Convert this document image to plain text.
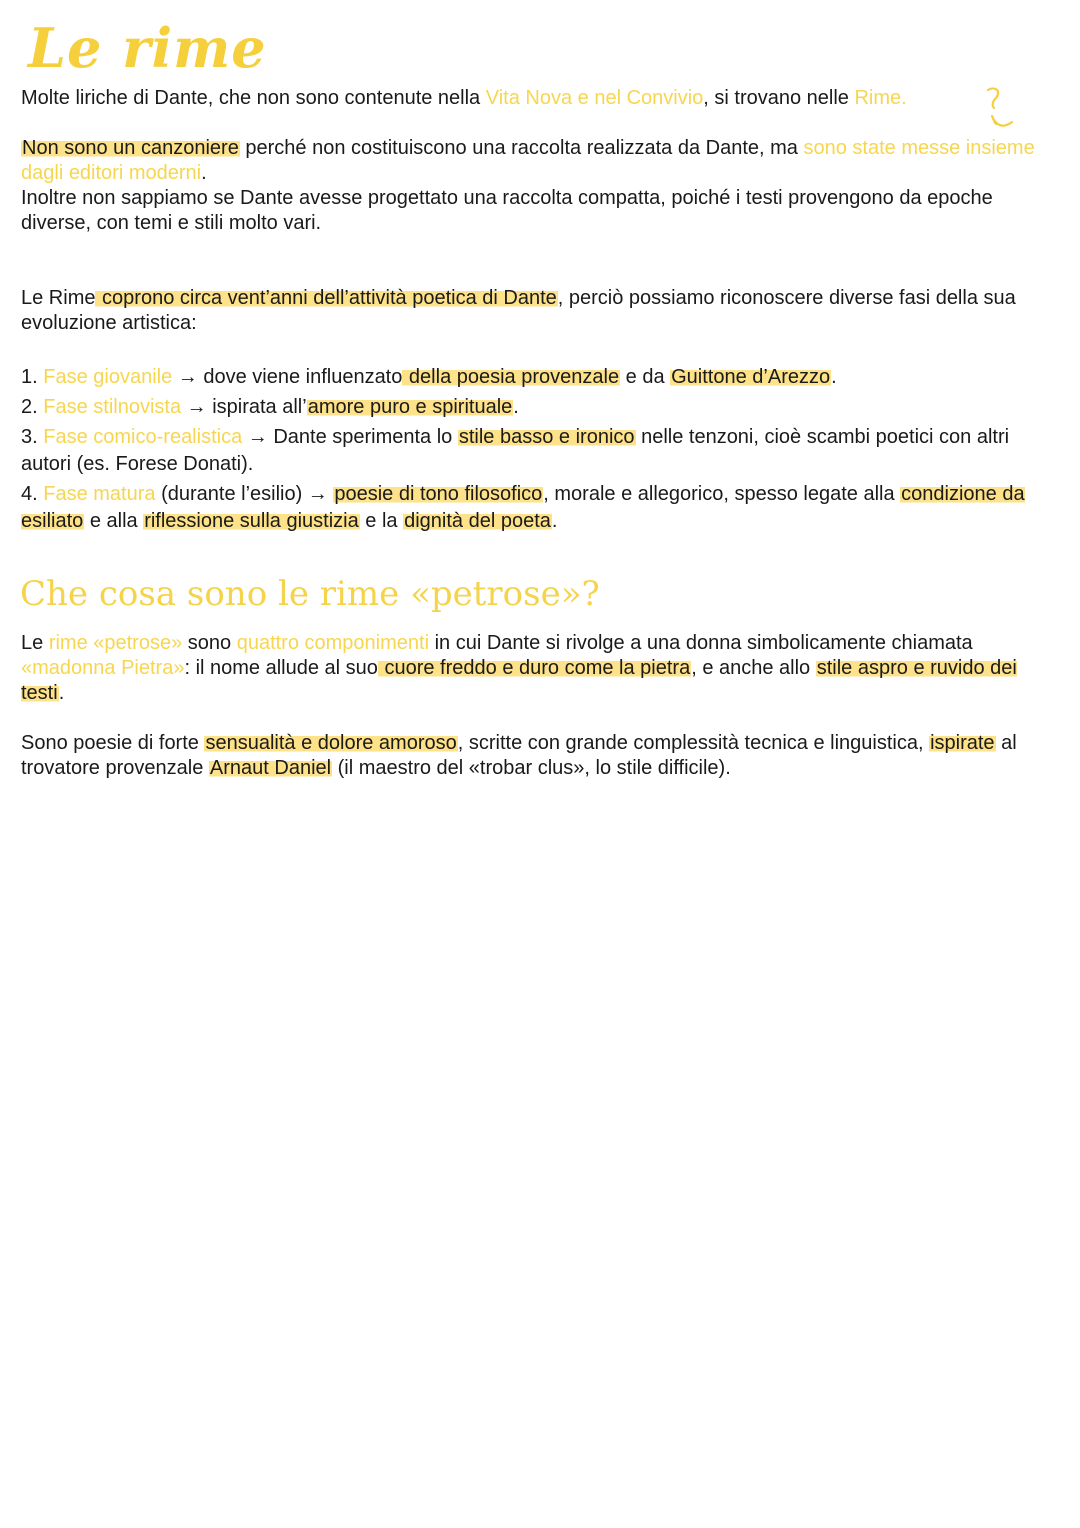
Le rime

Molte liriche di Dante, che non sono contenute nella Vita Nova e nel Convivio, si trovano nelle Rime.

Non sono un canzoniere perché non costituiscono una raccolta realizzata da Dante, ma sono state messe insieme dagli editori moderni.
Inoltre non sappiamo se Dante avesse progettato una raccolta compatta, poiché i testi provengono da epoche diverse, con temi e stili molto vari.

Le Rime coprono circa vent’anni dell’attività poetica di Dante, perciò possiamo riconoscere diverse fasi della sua evoluzione artistica:

1. Fase giovanile → dove viene influenzato della poesia provenzale e da Guittone d’Arezzo.
2. Fase stilnovista → ispirata all’amore puro e spirituale.
3. Fase comico-realistica → Dante sperimenta lo stile basso e ironico nelle tenzoni, cioè scambi poetici con altri autori (es. Forese Donati).
4. Fase matura (durante l’esilio) → poesie di tono filosofico, morale e allegorico, spesso legate alla condizione da esiliato e alla riflessione sulla giustizia e la dignità del poeta.

Che cosa sono le rime «petrose»?

Le rime «petrose» sono quattro componimenti in cui Dante si rivolge a una donna simbolicamente chiamata «madonna Pietra»: il nome allude al suo cuore freddo e duro come la pietra, e anche allo stile aspro e ruvido dei testi.

Sono poesie di forte sensualità e dolore amoroso, scritte con grande complessità tecnica e linguistica, ispirate al trovatore provenzale Arnaut Daniel (il maestro del «trobar clus», lo stile difficile).
